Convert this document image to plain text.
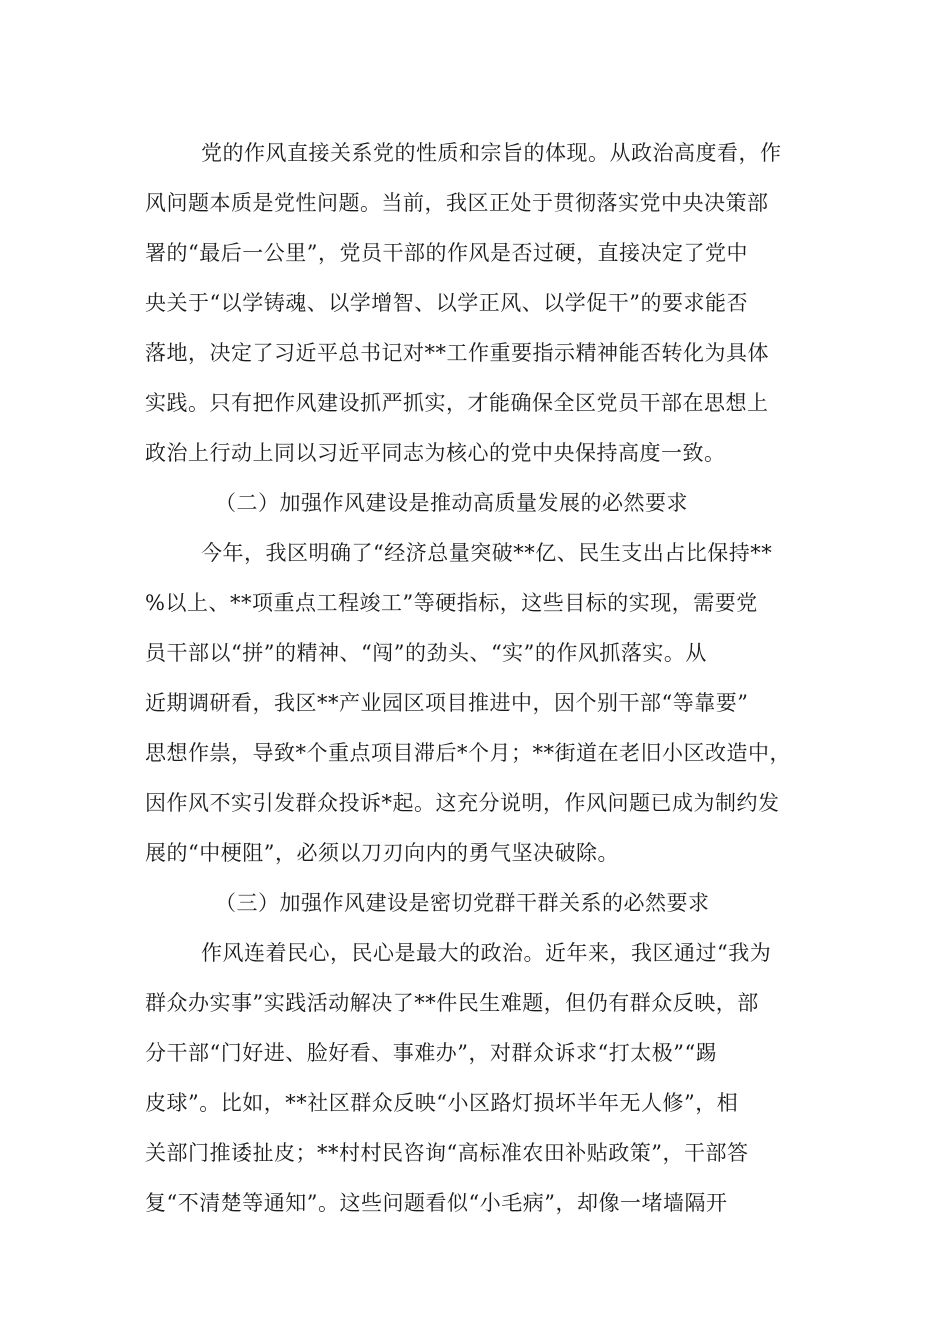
党的作风直接关系党的性质和宗旨的体现。从政治高度看，作
风问题本质是党性问题。当前，我区正处于贯彻落实党中央决策部
署的“最后一公里”，党员干部的作风是否过硬，直接决定了党中
央关于“以学铸魂、以学增智、以学正风、以学促干”的要求能否
落地，决定了习近平总书记对**工作重要指示精神能否转化为具体
实践。只有把作风建设抓严抓实，才能确保全区党员干部在思想上
政治上行动上同以习近平同志为核心的党中央保持高度一致。
（二）加强作风建设是推动高质量发展的必然要求
今年，我区明确了“经济总量突破**亿、民生支出占比保持**
%以上、**项重点工程竣工”等硬指标，这些目标的实现，需要党
员干部以“拼”的精神、“闯”的劲头、“实”的作风抓落实。从
近期调研看，我区**产业园区项目推进中，因个别干部“等靠要”
思想作祟，导致*个重点项目滞后*个月；**街道在老旧小区改造中，
因作风不实引发群众投诉*起。这充分说明，作风问题已成为制约发
展的“中梗阻”，必须以刀刃向内的勇气坚决破除。
（三）加强作风建设是密切党群干群关系的必然要求
作风连着民心，民心是最大的政治。近年来，我区通过“我为
群众办实事”实践活动解决了**件民生难题，但仍有群众反映，部
分干部“门好进、脸好看、事难办”，对群众诉求“打太极”“踢
皮球”。比如，**社区群众反映“小区路灯损坏半年无人修”，相
关部门推诿扯皮；**村村民咨询“高标准农田补贴政策”，干部答
复“不清楚等通知”。这些问题看似“小毛病”，却像一堵墙隔开
